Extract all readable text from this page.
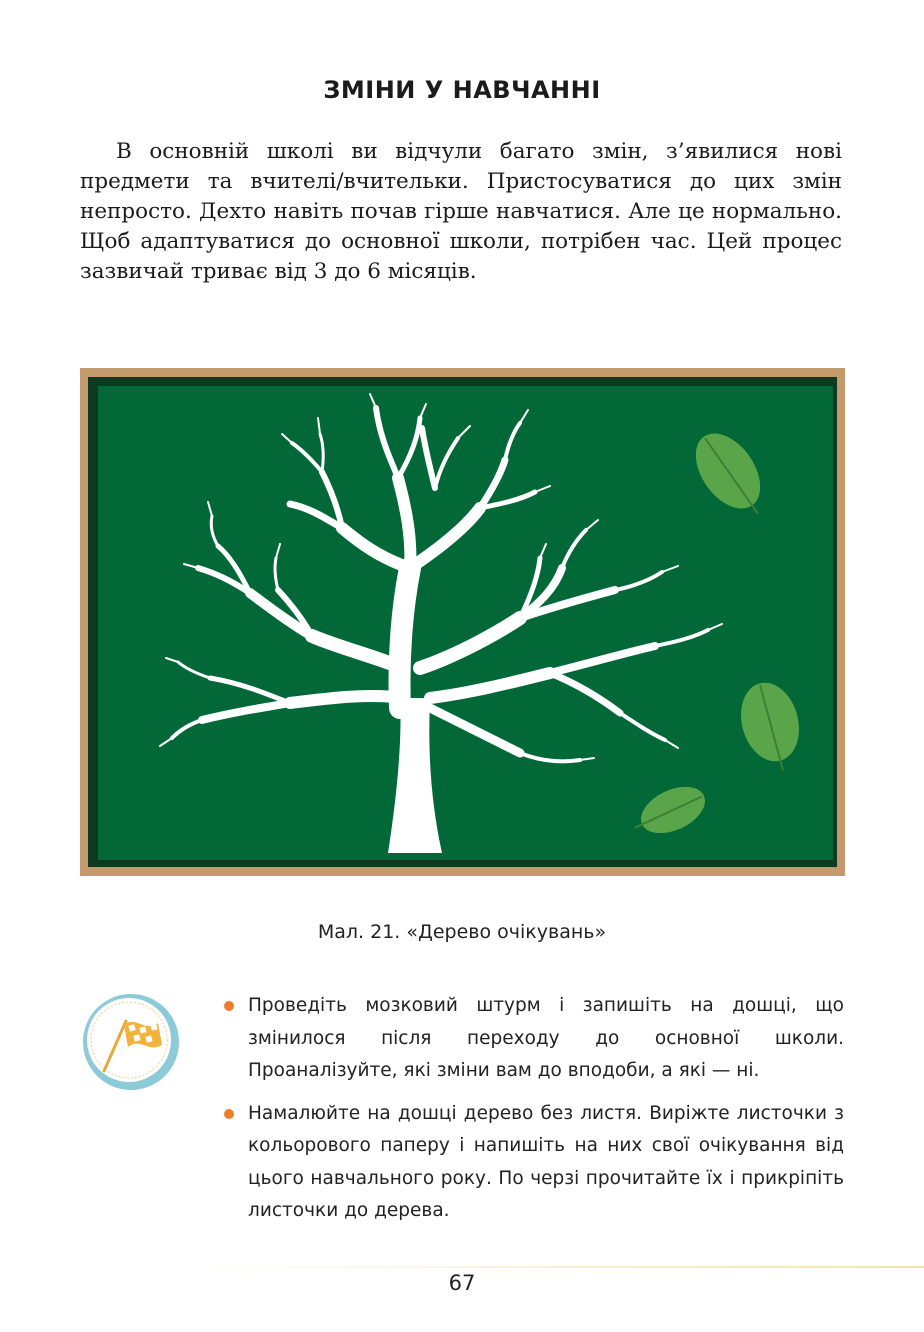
ЗМІНИ У НАВЧАННІ

В основній школі ви відчули багато змін, з’явилися нові предмети та вчителі/вчительки. Пристосуватися до цих змін непросто. Дехто навіть почав гірше навчатися. Але це нормально. Щоб адаптуватися до основної школи, потрібен час. Цей процес зазвичай триває від 3 до 6 місяців.

Мал. 21. «Дерево очікувань»
Проведіть мозковий штурм і запишіть на дошці, що змінилося після переходу до основної школи. Проаналізуйте, які зміни вам до вподоби, а які — ні.
Намалюйте на дошці дерево без листя. Виріжте листочки з кольорового паперу і напишіть на них свої очікування від цього навчального року. По черзі прочитайте їх і прикріпіть листочки до дерева.
67
